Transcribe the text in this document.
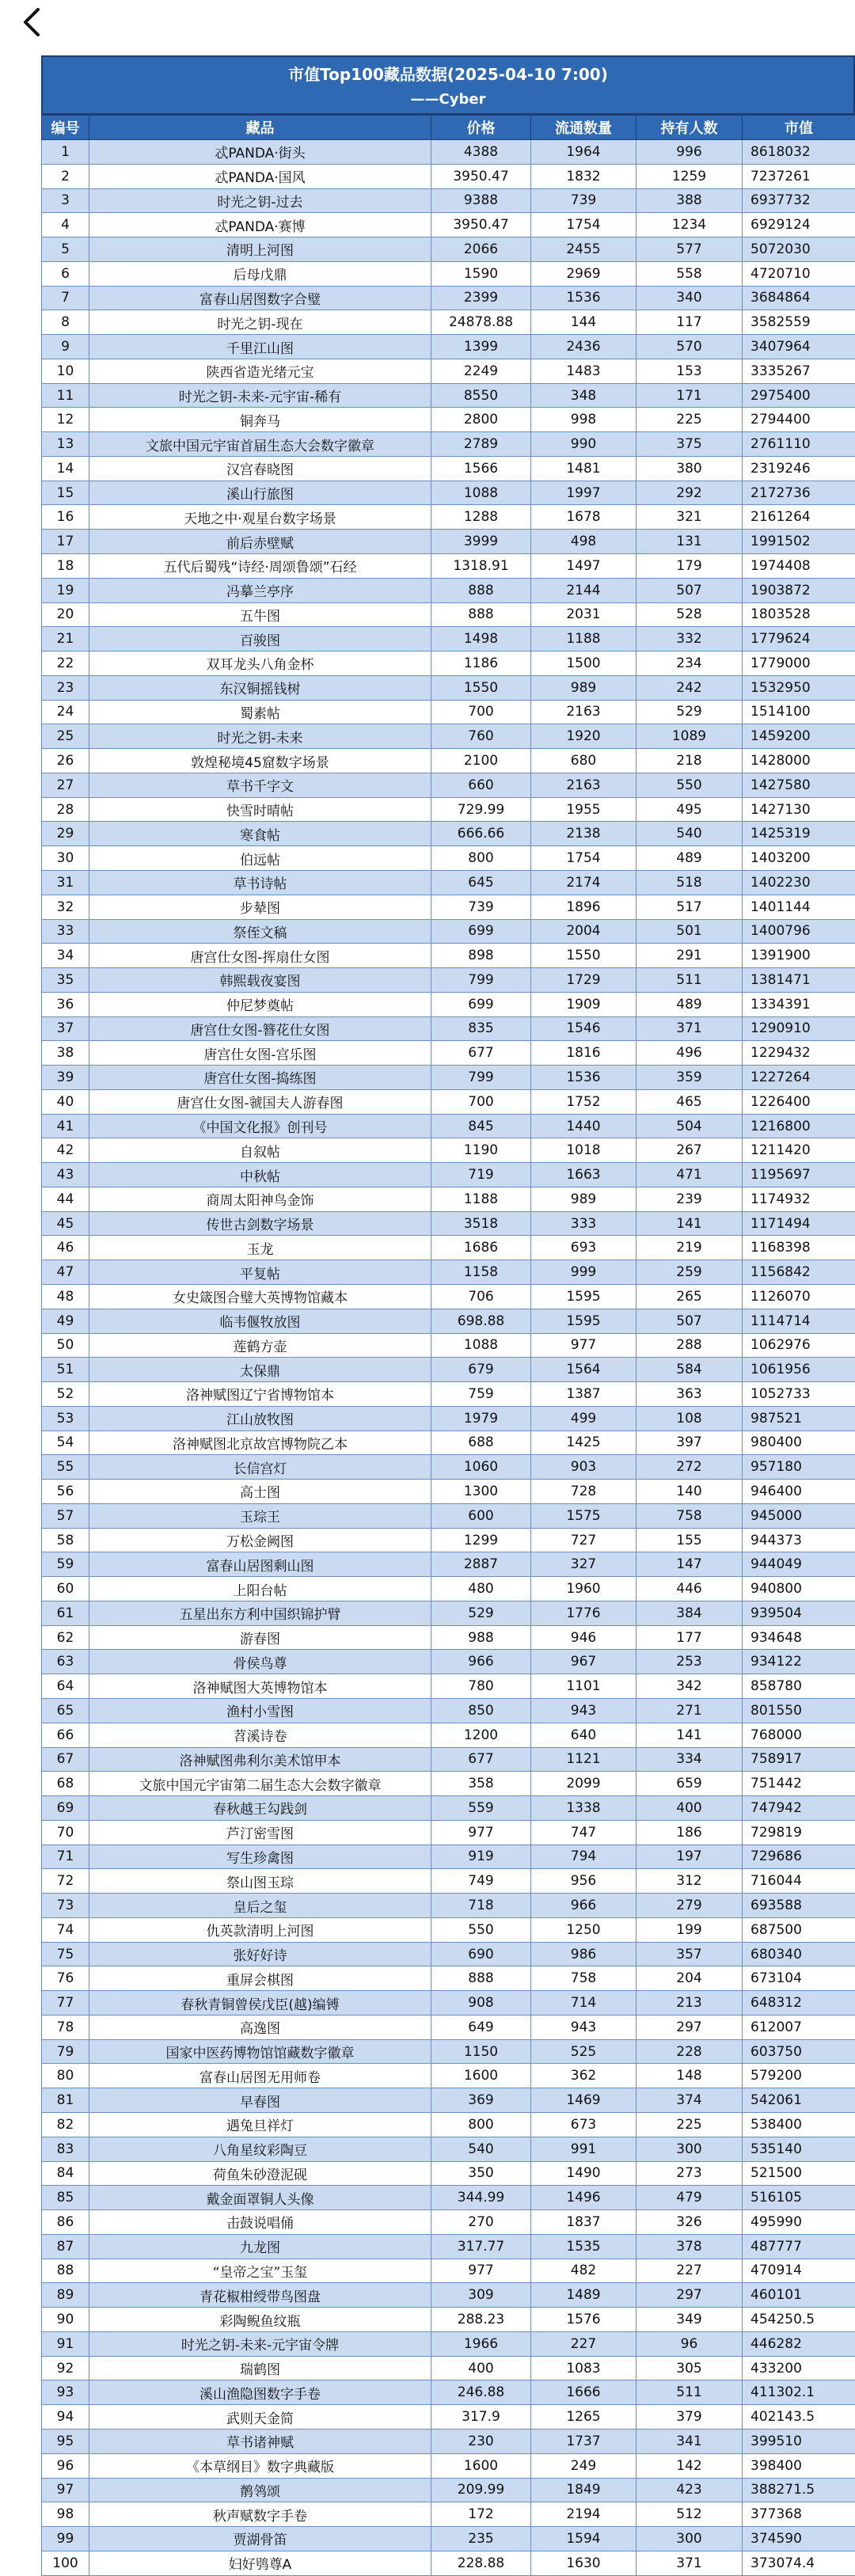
市值Top100藏品数据(2025-04-10 7:00)
——Cyber
编号	藏品	价格	流通数量	持有人数	市值
1	忒PANDA·街头	4388	1964	996	8618032
2	忒PANDA·国风	3950.47	1832	1259	7237261
3	时光之钥-过去	9388	739	388	6937732
4	忒PANDA·赛博	3950.47	1754	1234	6929124
5	清明上河图	2066	2455	577	5072030
6	后母戊鼎	1590	2969	558	4720710
7	富春山居图数字合璧	2399	1536	340	3684864
8	时光之钥-现在	24878.88	144	117	3582559
9	千里江山图	1399	2436	570	3407964
10	陕西省造光绪元宝	2249	1483	153	3335267
11	时光之钥-未来-元宇宙-稀有	8550	348	171	2975400
12	铜奔马	2800	998	225	2794400
13	文旅中国元宇宙首届生态大会数字徽章	2789	990	375	2761110
14	汉宫春晓图	1566	1481	380	2319246
15	溪山行旅图	1088	1997	292	2172736
16	天地之中·观星台数字场景	1288	1678	321	2161264
17	前后赤壁赋	3999	498	131	1991502
18	五代后蜀残“诗经·周颂鲁颂”石经	1318.91	1497	179	1974408
19	冯摹兰亭序	888	2144	507	1903872
20	五牛图	888	2031	528	1803528
21	百骏图	1498	1188	332	1779624
22	双耳龙头八角金杯	1186	1500	234	1779000
23	东汉铜摇钱树	1550	989	242	1532950
24	蜀素帖	700	2163	529	1514100
25	时光之钥-未来	760	1920	1089	1459200
26	敦煌秘境45窟数字场景	2100	680	218	1428000
27	草书千字文	660	2163	550	1427580
28	快雪时晴帖	729.99	1955	495	1427130
29	寒食帖	666.66	2138	540	1425319
30	伯远帖	800	1754	489	1403200
31	草书诗帖	645	2174	518	1402230
32	步辇图	739	1896	517	1401144
33	祭侄文稿	699	2004	501	1400796
34	唐宫仕女图-挥扇仕女图	898	1550	291	1391900
35	韩熙载夜宴图	799	1729	511	1381471
36	仲尼梦奠帖	699	1909	489	1334391
37	唐宫仕女图-簪花仕女图	835	1546	371	1290910
38	唐宫仕女图-宫乐图	677	1816	496	1229432
39	唐宫仕女图-捣练图	799	1536	359	1227264
40	唐宫仕女图-虢国夫人游春图	700	1752	465	1226400
41	《中国文化报》创刊号	845	1440	504	1216800
42	自叙帖	1190	1018	267	1211420
43	中秋帖	719	1663	471	1195697
44	商周太阳神鸟金饰	1188	989	239	1174932
45	传世古剑数字场景	3518	333	141	1171494
46	玉龙	1686	693	219	1168398
47	平复帖	1158	999	259	1156842
48	女史箴图合璧大英博物馆藏本	706	1595	265	1126070
49	临韦偃牧放图	698.88	1595	507	1114714
50	莲鹤方壶	1088	977	288	1062976
51	太保鼎	679	1564	584	1061956
52	洛神赋图辽宁省博物馆本	759	1387	363	1052733
53	江山放牧图	1979	499	108	987521
54	洛神赋图北京故宫博物院乙本	688	1425	397	980400
55	长信宫灯	1060	903	272	957180
56	高士图	1300	728	140	946400
57	玉琮王	600	1575	758	945000
58	万松金阙图	1299	727	155	944373
59	富春山居图剩山图	2887	327	147	944049
60	上阳台帖	480	1960	446	940800
61	五星出东方利中国织锦护臂	529	1776	384	939504
62	游春图	988	946	177	934648
63	骨侯鸟尊	966	967	253	934122
64	洛神赋图大英博物馆本	780	1101	342	858780
65	渔村小雪图	850	943	271	801550
66	苕溪诗卷	1200	640	141	768000
67	洛神赋图弗利尔美术馆甲本	677	1121	334	758917
68	文旅中国元宇宙第二届生态大会数字徽章	358	2099	659	751442
69	春秋越王勾践剑	559	1338	400	747942
70	芦汀密雪图	977	747	186	729819
71	写生珍禽图	919	794	197	729686
72	祭山图玉琮	749	956	312	716044
73	皇后之玺	718	966	279	693588
74	仇英款清明上河图	550	1250	199	687500
75	张好好诗	690	986	357	680340
76	重屏会棋图	888	758	204	673104
77	春秋青铜曾侯戊臣(越)编镈	908	714	213	648312
78	高逸图	649	943	297	612007
79	国家中医药博物馆馆藏数字徽章	1150	525	228	603750
80	富春山居图无用师卷	1600	362	148	579200
81	早春图	369	1469	374	542061
82	遇兔旦祥灯	800	673	225	538400
83	八角星纹彩陶豆	540	991	300	535140
84	荷鱼朱砂澄泥砚	350	1490	273	521500
85	戴金面罩铜人头像	344.99	1496	479	516105
86	击鼓说唱俑	270	1837	326	495990
87	九龙图	317.77	1535	378	487777
88	“皇帝之宝”玉玺	977	482	227	470914
89	青花椒柑绶带鸟图盘	309	1489	297	460101
90	彩陶鲵鱼纹瓶	288.23	1576	349	454250.5
91	时光之钥-未来-元宇宙令牌	1966	227	96	446282
92	瑞鹤图	400	1083	305	433200
93	溪山渔隐图数字手卷	246.88	1666	511	411302.1
94	武则天金简	317.9	1265	379	402143.5
95	草书诸神赋	230	1737	341	399510
96	《本草纲目》数字典藏版	1600	249	142	398400
97	鹡鸰颂	209.99	1849	423	388271.5
98	秋声赋数字手卷	172	2194	512	377368
99	贾湖骨笛	235	1594	300	374590
100	妇好鸮尊A	228.88	1630	371	373074.4
